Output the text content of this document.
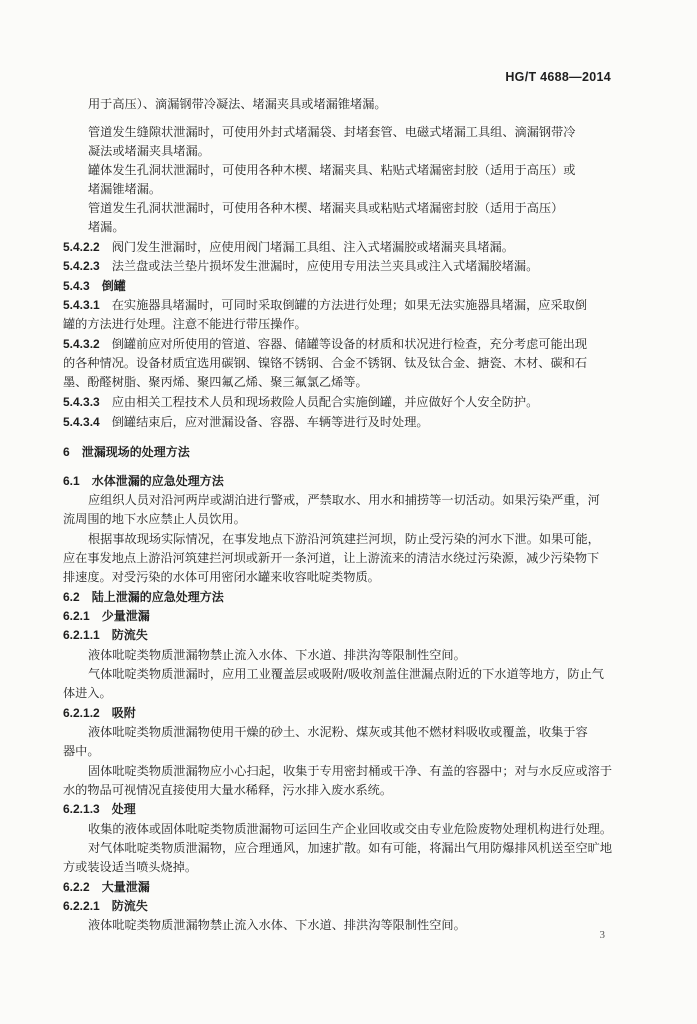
HG/T 4688—2014
用于高压）、滴漏钢带冷凝法、堵漏夹具或堵漏锥堵漏。
管道发生缝隙状泄漏时，可使用外封式堵漏袋、封堵套管、电磁式堵漏工具组、滴漏钢带冷
凝法或堵漏夹具堵漏。
罐体发生孔洞状泄漏时，可使用各种木楔、堵漏夹具、粘贴式堵漏密封胶（适用于高压）或
堵漏锥堵漏。
管道发生孔洞状泄漏时，可使用各种木楔、堵漏夹具或粘贴式堵漏密封胶（适用于高压）
堵漏。
5.4.2.2 阀门发生泄漏时，应使用阀门堵漏工具组、注入式堵漏胶或堵漏夹具堵漏。
5.4.2.3 法兰盘或法兰垫片损坏发生泄漏时，应使用专用法兰夹具或注入式堵漏胶堵漏。
5.4.3 倒罐
5.4.3.1 在实施器具堵漏时，可同时采取倒罐的方法进行处理；如果无法实施器具堵漏，应采取倒
罐的方法进行处理。注意不能进行带压操作。
5.4.3.2 倒罐前应对所使用的管道、容器、储罐等设备的材质和状况进行检查，充分考虑可能出现
的各种情况。设备材质宜选用碳钢、镍铬不锈钢、合金不锈钢、钛及钛合金、搪瓷、木材、碳和石
墨、酚醛树脂、聚丙烯、聚四氟乙烯、聚三氟氯乙烯等。
5.4.3.3 应由相关工程技术人员和现场救险人员配合实施倒罐，并应做好个人安全防护。
5.4.3.4 倒罐结束后，应对泄漏设备、容器、车辆等进行及时处理。
6 泄漏现场的处理方法
6.1 水体泄漏的应急处理方法
应组织人员对沿河两岸或湖泊进行警戒，严禁取水、用水和捕捞等一切活动。如果污染严重，河
流周围的地下水应禁止人员饮用。
根据事故现场实际情况，在事发地点下游沿河筑建拦河坝，防止受污染的河水下泄。如果可能，
应在事发地点上游沿河筑建拦河坝或新开一条河道，让上游流来的清洁水绕过污染源，减少污染物下
排速度。对受污染的水体可用密闭水罐来收容吡啶类物质。
6.2 陆上泄漏的应急处理方法
6.2.1 少量泄漏
6.2.1.1 防流失
液体吡啶类物质泄漏物禁止流入水体、下水道、排洪沟等限制性空间。
气体吡啶类物质泄漏时，应用工业覆盖层或吸附/吸收剂盖住泄漏点附近的下水道等地方，防止气
体进入。
6.2.1.2 吸附
液体吡啶类物质泄漏物使用干燥的砂土、水泥粉、煤灰或其他不燃材料吸收或覆盖，收集于容
器中。
固体吡啶类物质泄漏物应小心扫起，收集于专用密封桶或干净、有盖的容器中；对与水反应或溶于
水的物品可视情况直接使用大量水稀释，污水排入废水系统。
6.2.1.3 处理
收集的液体或固体吡啶类物质泄漏物可运回生产企业回收或交由专业危险废物处理机构进行处理。
对气体吡啶类物质泄漏物，应合理通风，加速扩散。如有可能，将漏出气用防爆排风机送至空旷地
方或装设适当喷头烧掉。
6.2.2 大量泄漏
6.2.2.1 防流失
液体吡啶类物质泄漏物禁止流入水体、下水道、排洪沟等限制性空间。
3
